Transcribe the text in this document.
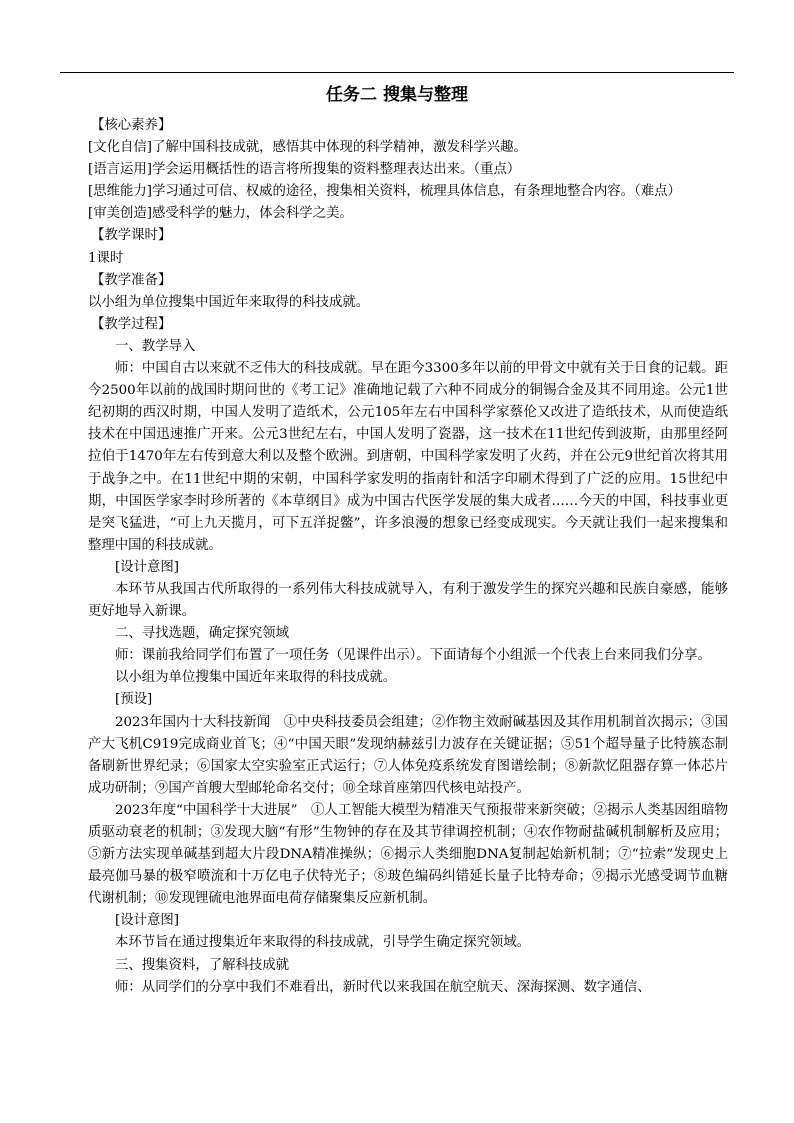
任务二 搜集与整理

【核心素养】

[文化自信]了解中国科技成就，感悟其中体现的科学精神，激发科学兴趣。

[语言运用]学会运用概括性的语言将所搜集的资料整理表达出来。（重点）

[思维能力]学习通过可信、权威的途径，搜集相关资料，梳理具体信息，有条理地整合内容。（难点）

[审美创造]感受科学的魅力，体会科学之美。

【教学课时】

1课时

【教学准备】

以小组为单位搜集中国近年来取得的科技成就。

【教学过程】

一、教学导入

师：中国自古以来就不乏伟大的科技成就。早在距今3300多年以前的甲骨文中就有关于日食的记载。距今2500年以前的战国时期问世的《考工记》准确地记载了六种不同成分的铜锡合金及其不同用途。公元1世纪初期的西汉时期，中国人发明了造纸术，公元105年左右中国科学家蔡伦又改进了造纸技术，从而使造纸技术在中国迅速推广开来。公元3世纪左右，中国人发明了瓷器，这一技术在11世纪传到波斯，由那里经阿拉伯于1470年左右传到意大利以及整个欧洲。到唐朝，中国科学家发明了火药，并在公元9世纪首次将其用于战争之中。在11世纪中期的宋朝，中国科学家发明的指南针和活字印刷术得到了广泛的应用。15世纪中期，中国医学家李时珍所著的《本草纲目》成为中国古代医学发展的集大成者……今天的中国，科技事业更是突飞猛进，“可上九天揽月，可下五洋捉鳖”，许多浪漫的想象已经变成现实。今天就让我们一起来搜集和整理中国的科技成就。

[设计意图]

本环节从我国古代所取得的一系列伟大科技成就导入，有利于激发学生的探究兴趣和民族自豪感，能够更好地导入新课。

二、寻找选题，确定探究领域

师：课前我给同学们布置了一项任务（见课件出示）。下面请每个小组派一个代表上台来同我们分享。

以小组为单位搜集中国近年来取得的科技成就。

[预设]

2023年国内十大科技新闻　①中央科技委员会组建；②作物主效耐碱基因及其作用机制首次揭示；③国产大飞机C919完成商业首飞；④“中国天眼”发现纳赫兹引力波存在关键证据；⑤51个超导量子比特簇态制备刷新世界纪录；⑥国家太空实验室正式运行；⑦人体免疫系统发育图谱绘制；⑧新款忆阻器存算一体芯片成功研制；⑨国产首艘大型邮轮命名交付；⑩全球首座第四代核电站投产。

2023年度“中国科学十大进展”　①人工智能大模型为精准天气预报带来新突破；②揭示人类基因组暗物质驱动衰老的机制；③发现大脑“有形”生物钟的存在及其节律调控机制；④农作物耐盐碱机制解析及应用；⑤新方法实现单碱基到超大片段DNA精准操纵；⑥揭示人类细胞DNA复制起始新机制；⑦“拉索”发现史上最亮伽马暴的极窄喷流和十万亿电子伏特光子；⑧玻色编码纠错延长量子比特寿命；⑨揭示光感受调节血糖代谢机制；⑩发现锂硫电池界面电荷存储聚集反应新机制。

[设计意图]

本环节旨在通过搜集近年来取得的科技成就，引导学生确定探究领域。

三、搜集资料，了解科技成就

师：从同学们的分享中我们不难看出，新时代以来我国在航空航天、深海探测、数字通信、
